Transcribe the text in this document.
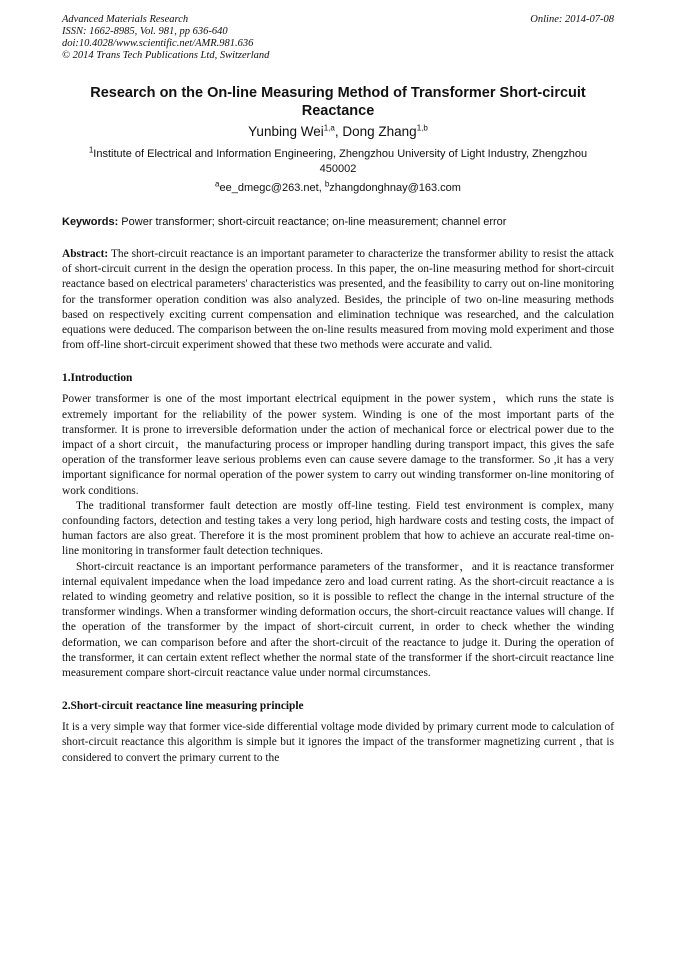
Advanced Materials Research	Online: 2014-07-08
ISSN: 1662-8985, Vol. 981, pp 636-640
doi:10.4028/www.scientific.net/AMR.981.636
© 2014 Trans Tech Publications Ltd, Switzerland
Research on the On-line Measuring Method of Transformer Short-circuit Reactance
Yunbing Wei$^{1,a}$, Dong Zhang$^{1,b}$
$^1$Institute of Electrical and Information Engineering, Zhengzhou University of Light Industry, Zhengzhou 450002
$^a$ee_dmegc@263.net, $^b$zhangdonghnay@163.com
Keywords: Power transformer; short-circuit reactance; on-line measurement; channel error
Abstract: The short-circuit reactance is an important parameter to characterize the transformer ability to resist the attack of short-circuit current in the design the operation process. In this paper, the on-line measuring method for short-circuit reactance based on electrical parameters' characteristics was presented, and the feasibility to carry out on-line monitoring for the transformer operation condition was also analyzed. Besides, the principle of two on-line measuring methods based on respectively exciting current compensation and elimination technique was researched, and the calculation equations were deduced. The comparison between the on-line results measured from moving mold experiment and those from off-line short-circuit experiment showed that these two methods were accurate and valid.
1.Introduction

Power transformer is one of the most important electrical equipment in the power system，which runs the state is extremely important for the reliability of the power system. Winding is one of the most important parts of the transformer. It is prone to irreversible deformation under the action of mechanical force or electrical power due to the impact of a short circuit，the manufacturing process or improper handling during transport impact, this gives the safe operation of the transformer leave serious problems even can cause severe damage to the transformer. So ,it has a very important significance for normal operation of the power system to carry out winding transformer on-line monitoring of work conditions.

The traditional transformer fault detection are mostly off-line testing. Field test environment is complex, many confounding factors, detection and testing takes a very long period, high hardware costs and testing costs, the impact of human factors are also great. Therefore it is the most prominent problem that how to achieve an accurate real-time on-line monitoring in transformer fault detection techniques.

Short-circuit reactance is an important performance parameters of the transformer，and it is reactance transformer internal equivalent impedance when the load impedance zero and load current rating. As the short-circuit reactance a is related to winding geometry and relative position, so it is possible to reflect the change in the internal structure of the transformer windings. When a transformer winding deformation occurs, the short-circuit reactance values will change. If the operation of the transformer by the impact of short-circuit current, in order to check whether the winding deformation, we can comparison before and after the short-circuit of the reactance to judge it. During the operation of the transformer, it can certain extent reflect whether the normal state of the transformer if the short-circuit reactance line measurement compare short-circuit reactance value under normal circumstances.

2.Short-circuit reactance line measuring principle

It is a very simple way that former vice-side differential voltage mode divided by primary current mode to calculation of short-circuit reactance this algorithm is simple but it ignores the impact of the transformer magnetizing current , that is considered to convert the primary current to the
